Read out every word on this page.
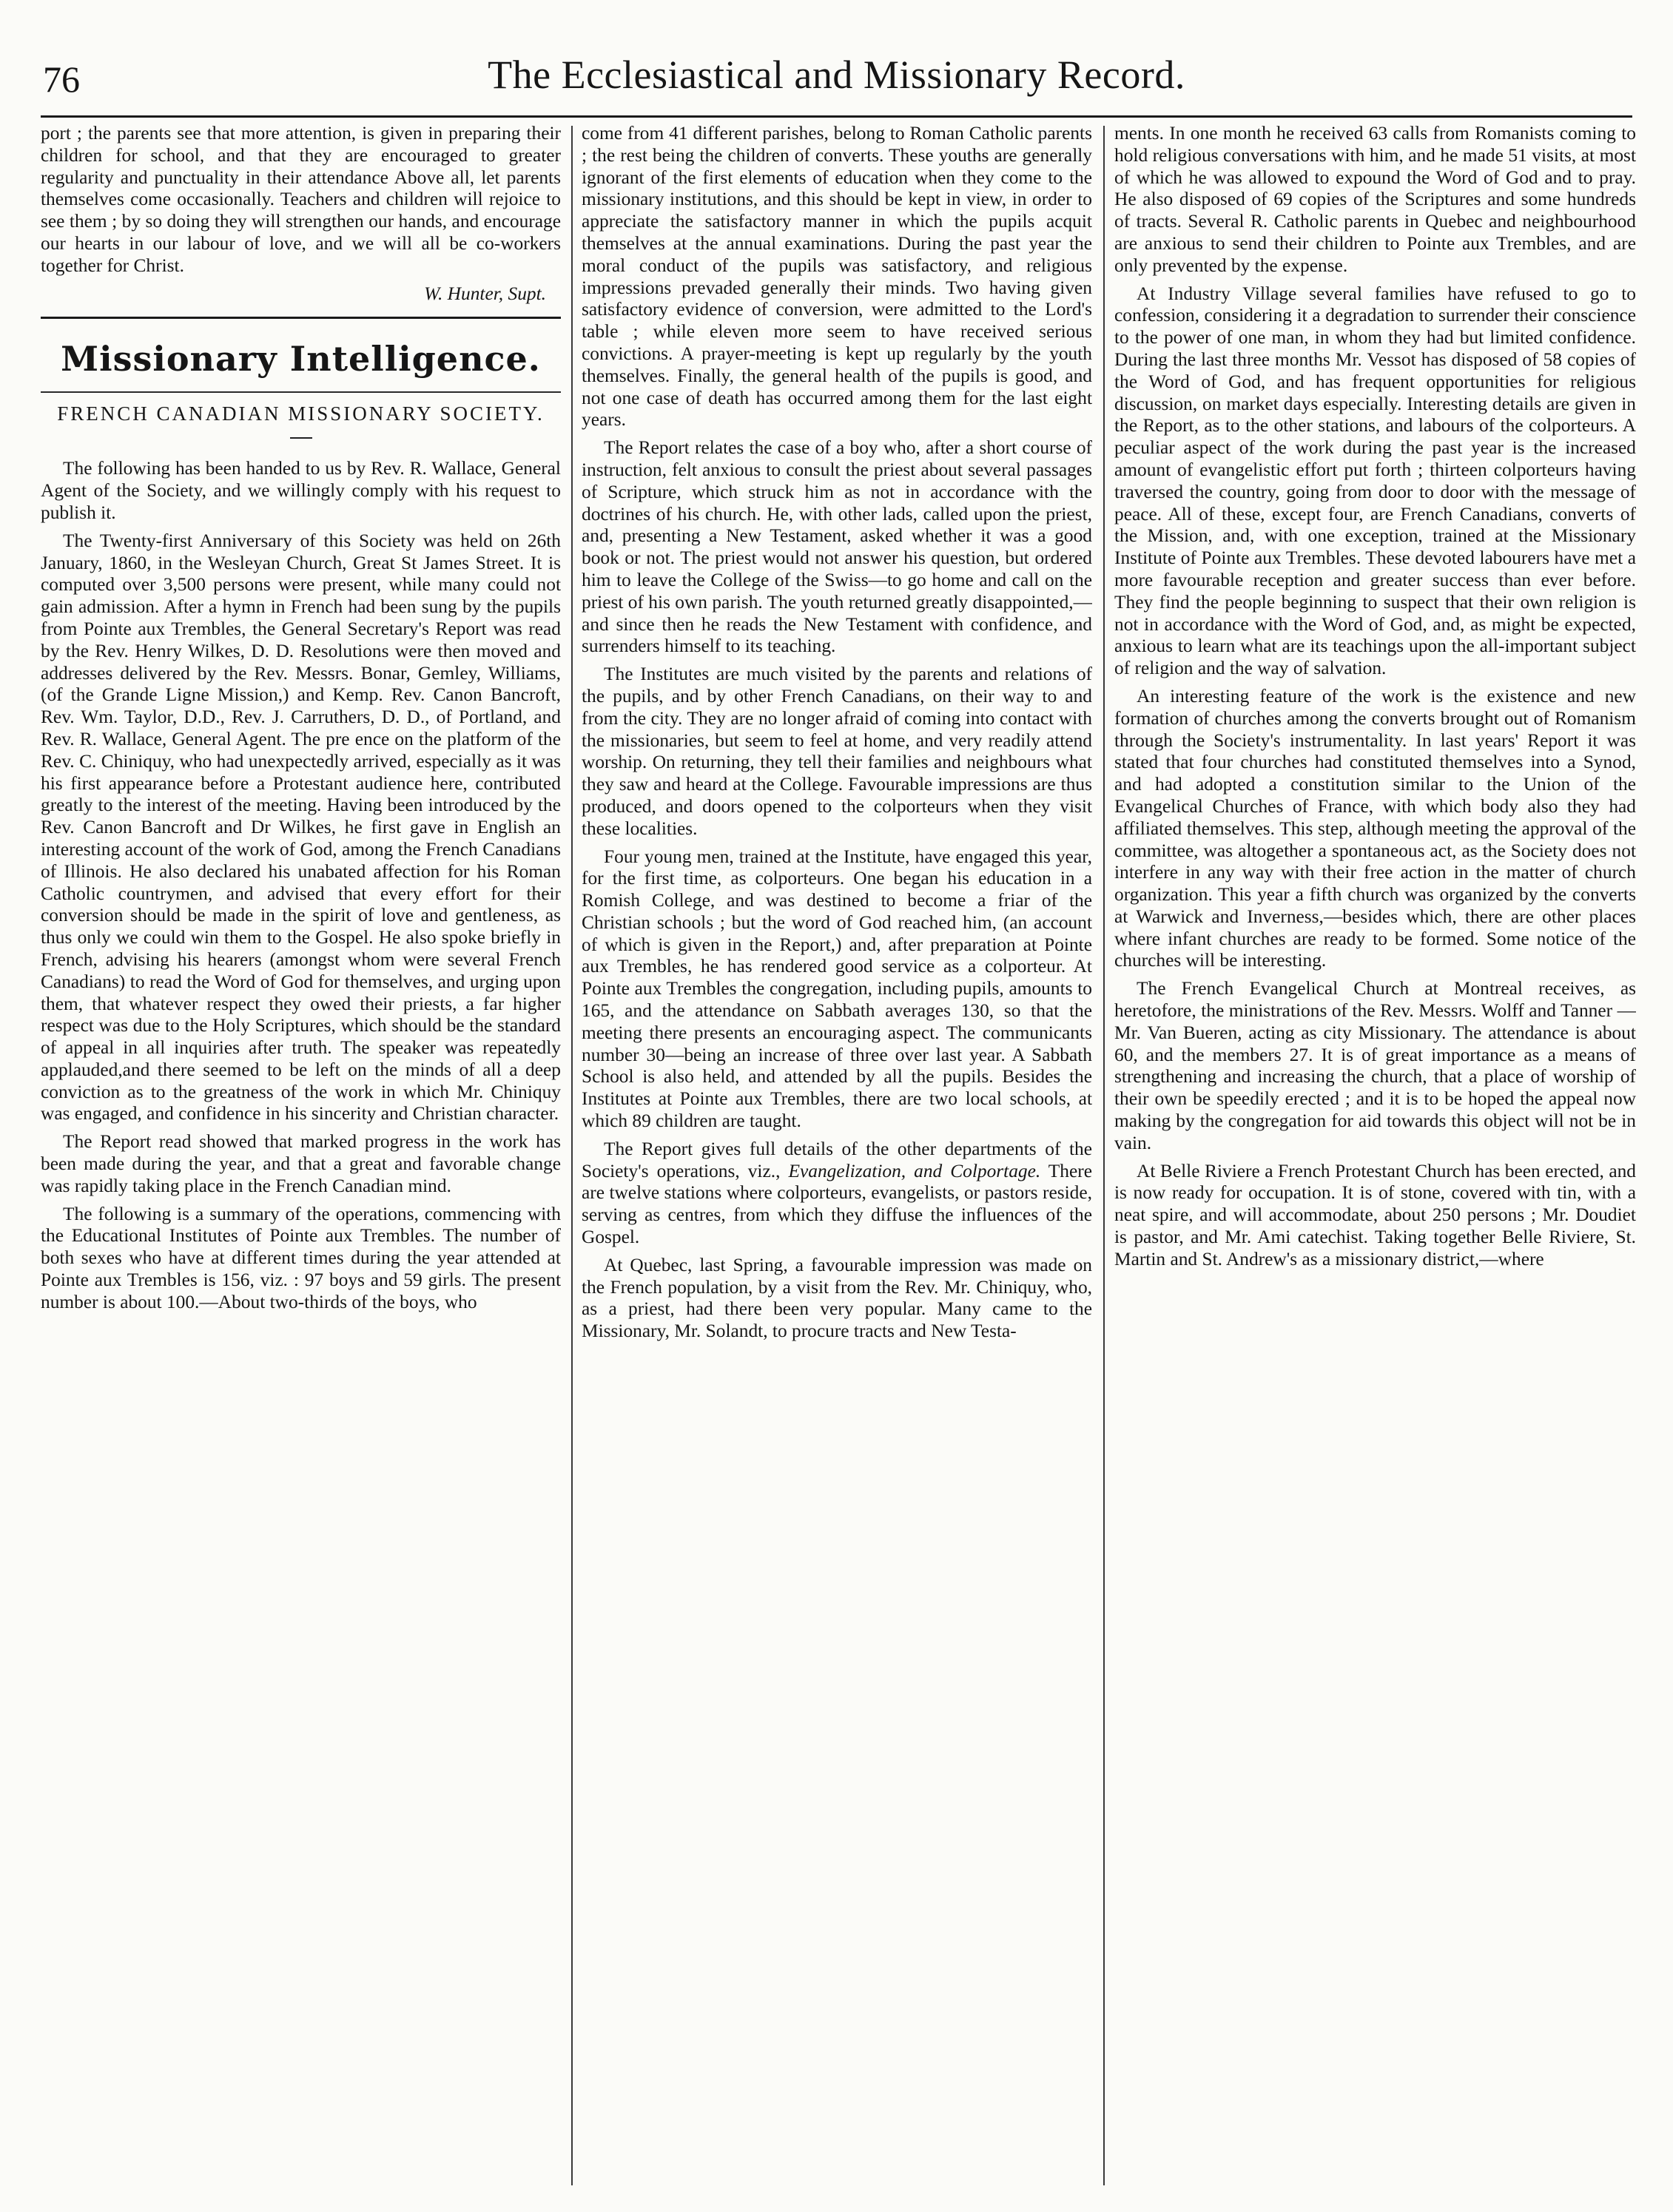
76	The Ecclesiastical and Missionary Record.

port ; the parents see that more attention, is given in preparing their children for school, and that they are encouraged to greater regularity and punctuality in their attendance Above all, let parents themselves come occasionally. Teachers and children will rejoice to see them ; by so doing they will strengthen our hands, and encourage our hearts in our labour of love, and we will all be co-workers together for Christ.

W. Hunter, Supt.
Missionary Intelligence.
FRENCH CANADIAN MISSIONARY SOCIETY.

The following has been handed to us by Rev. R. Wallace, General Agent of the Society, and we willingly comply with his request to publish it.

The Twenty-first Anniversary of this Society was held on 26th January, 1860, in the Wesleyan Church, Great St James Street. It is computed over 3,500 persons were present, while many could not gain admission. After a hymn in French had been sung by the pupils from Pointe aux Trembles, the General Secretary's Report was read by the Rev. Henry Wilkes, D. D. Resolutions were then moved and addresses delivered by the Rev. Messrs. Bonar, Gemley, Williams, (of the Grande Ligne Mission,) and Kemp. Rev. Canon Bancroft, Rev. Wm. Taylor, D.D., Rev. J. Carruthers, D. D., of Portland, and Rev. R. Wallace, General Agent. The pre ence on the platform of the Rev. C. Chiniquy, who had unexpectedly arrived, especially as it was his first appearance before a Protestant audience here, contributed greatly to the interest of the meeting. Having been introduced by the Rev. Canon Bancroft and Dr Wilkes, he first gave in English an interesting account of the work of God, among the French Canadians of Illinois. He also declared his unabated affection for his Roman Catholic countrymen, and advised that every effort for their conversion should be made in the spirit of love and gentleness, as thus only we could win them to the Gospel. He also spoke briefly in French, advising his hearers (amongst whom were several French Canadians) to read the Word of God for themselves, and urging upon them, that whatever respect they owed their priests, a far higher respect was due to the Holy Scriptures, which should be the standard of appeal in all inquiries after truth. The speaker was repeatedly applauded,and there seemed to be left on the minds of all a deep conviction as to the greatness of the work in which Mr. Chiniquy was engaged, and confidence in his sincerity and Christian character.

The Report read showed that marked progress in the work has been made during the year, and that a great and favorable change was rapidly taking place in the French Canadian mind.

The following is a summary of the operations, commencing with the Educational Institutes of Pointe aux Trembles. The number of both sexes who have at different times during the year attended at Pointe aux Trembles is 156, viz. : 97 boys and 59 girls. The present number is about 100.—About two-thirds of the boys, who

come from 41 different parishes, belong to Roman Catholic parents ; the rest being the children of converts. These youths are generally ignorant of the first elements of education when they come to the missionary institutions, and this should be kept in view, in order to appreciate the satisfactory manner in which the pupils acquit themselves at the annual examinations. During the past year the moral conduct of the pupils was satisfactory, and religious impressions prevaded generally their minds. Two having given satisfactory evidence of conversion, were admitted to the Lord's table ; while eleven more seem to have received serious convictions. A prayer-meeting is kept up regularly by the youth themselves. Finally, the general health of the pupils is good, and not one case of death has occurred among them for the last eight years.

The Report relates the case of a boy who, after a short course of instruction, felt anxious to consult the priest about several passages of Scripture, which struck him as not in accordance with the doctrines of his church. He, with other lads, called upon the priest, and, presenting a New Testament, asked whether it was a good book or not. The priest would not answer his question, but ordered him to leave the College of the Swiss—to go home and call on the priest of his own parish. The youth returned greatly disappointed,—and since then he reads the New Testament with confidence, and surrenders himself to its teaching.

The Institutes are much visited by the parents and relations of the pupils, and by other French Canadians, on their way to and from the city. They are no longer afraid of coming into contact with the missionaries, but seem to feel at home, and very readily attend worship. On returning, they tell their families and neighbours what they saw and heard at the College. Favourable impressions are thus produced, and doors opened to the colporteurs when they visit these localities.

Four young men, trained at the Institute, have engaged this year, for the first time, as colporteurs. One began his education in a Romish College, and was destined to become a friar of the Christian schools ; but the word of God reached him, (an account of which is given in the Report,) and, after preparation at Pointe aux Trembles, he has rendered good service as a colporteur. At Pointe aux Trembles the congregation, including pupils, amounts to 165, and the attendance on Sabbath averages 130, so that the meeting there presents an encouraging aspect. The communicants number 30—being an increase of three over last year. A Sabbath School is also held, and attended by all the pupils. Besides the Institutes at Pointe aux Trembles, there are two local schools, at which 89 children are taught.

The Report gives full details of the other departments of the Society's operations, viz., Evangelization, and Colportage. There are twelve stations where colporteurs, evangelists, or pastors reside, serving as centres, from which they diffuse the influences of the Gospel.

At Quebec, last Spring, a favourable impression was made on the French population, by a visit from the Rev. Mr. Chiniquy, who, as a priest, had there been very popular. Many came to the Missionary, Mr. Solandt, to procure tracts and New Testa-

ments. In one month he received 63 calls from Romanists coming to hold religious conversations with him, and he made 51 visits, at most of which he was allowed to expound the Word of God and to pray. He also disposed of 69 copies of the Scriptures and some hundreds of tracts. Several R. Catholic parents in Quebec and neighbourhood are anxious to send their children to Pointe aux Trembles, and are only prevented by the expense.

At Industry Village several families have refused to go to confession, considering it a degradation to surrender their conscience to the power of one man, in whom they had but limited confidence. During the last three months Mr. Vessot has disposed of 58 copies of the Word of God, and has frequent opportunities for religious discussion, on market days especially. Interesting details are given in the Report, as to the other stations, and labours of the colporteurs. A peculiar aspect of the work during the past year is the increased amount of evangelistic effort put forth ; thirteen colporteurs having traversed the country, going from door to door with the message of peace. All of these, except four, are French Canadians, converts of the Mission, and, with one exception, trained at the Missionary Institute of Pointe aux Trembles. These devoted labourers have met a more favourable reception and greater success than ever before. They find the people beginning to suspect that their own religion is not in accordance with the Word of God, and, as might be expected, anxious to learn what are its teachings upon the all-important subject of religion and the way of salvation.

An interesting feature of the work is the existence and new formation of churches among the converts brought out of Romanism through the Society's instrumentality. In last years' Report it was stated that four churches had constituted themselves into a Synod, and had adopted a constitution similar to the Union of the Evangelical Churches of France, with which body also they had affiliated themselves. This step, although meeting the approval of the committee, was altogether a spontaneous act, as the Society does not interfere in any way with their free action in the matter of church organization. This year a fifth church was organized by the converts at Warwick and Inverness,—besides which, there are other places where infant churches are ready to be formed. Some notice of the churches will be interesting.

The French Evangelical Church at Montreal receives, as heretofore, the ministrations of the Rev. Messrs. Wolff and Tanner —Mr. Van Bueren, acting as city Missionary. The attendance is about 60, and the members 27. It is of great importance as a means of strengthening and increasing the church, that a place of worship of their own be speedily erected ; and it is to be hoped the appeal now making by the congregation for aid towards this object will not be in vain.

At Belle Riviere a French Protestant Church has been erected, and is now ready for occupation. It is of stone, covered with tin, with a neat spire, and will accommodate, about 250 persons ; Mr. Doudiet is pastor, and Mr. Ami catechist. Taking together Belle Riviere, St. Martin and St. Andrew's as a missionary district,—where
